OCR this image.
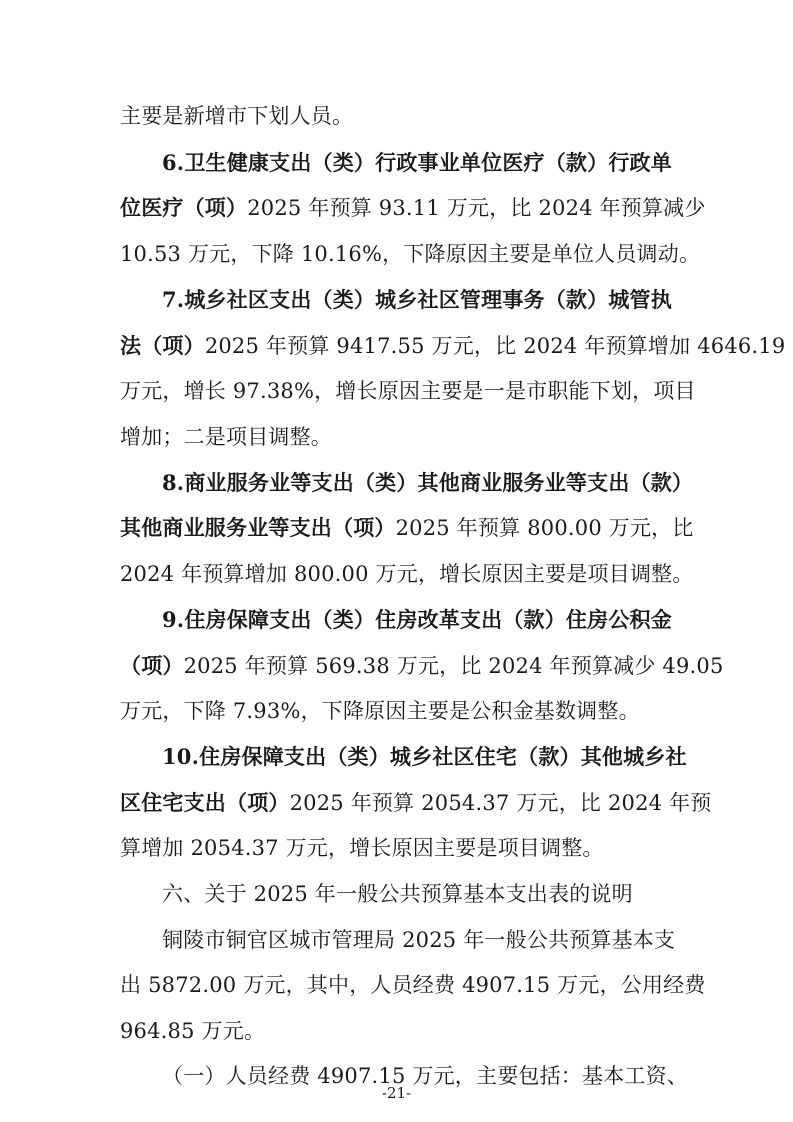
主要是新增市下划人员。
6.卫生健康支出（类）行政事业单位医疗（款）行政单
位医疗（项）2025 年预算 93.11 万元，比 2024 年预算减少
10.53 万元，下降 10.16%，下降原因主要是单位人员调动。
7.城乡社区支出（类）城乡社区管理事务（款）城管执
法（项）2025 年预算 9417.55 万元，比 2024 年预算增加 4646.19
万元，增长 97.38%，增长原因主要是一是市职能下划，项目
增加；二是项目调整。
8.商业服务业等支出（类）其他商业服务业等支出（款）
其他商业服务业等支出（项）2025 年预算 800.00 万元，比
2024 年预算增加 800.00 万元，增长原因主要是项目调整。
9.住房保障支出（类）住房改革支出（款）住房公积金
（项）2025 年预算 569.38 万元，比 2024 年预算减少 49.05
万元，下降 7.93%，下降原因主要是公积金基数调整。
10.住房保障支出（类）城乡社区住宅（款）其他城乡社
区住宅支出（项）2025 年预算 2054.37 万元，比 2024 年预
算增加 2054.37 万元，增长原因主要是项目调整。
六、关于 2025 年一般公共预算基本支出表的说明
铜陵市铜官区城市管理局 2025 年一般公共预算基本支
出 5872.00 万元，其中，人员经费 4907.15 万元，公用经费
964.85 万元。
-21-
（一）人员经费 4907.15 万元，主要包括：基本工资、
